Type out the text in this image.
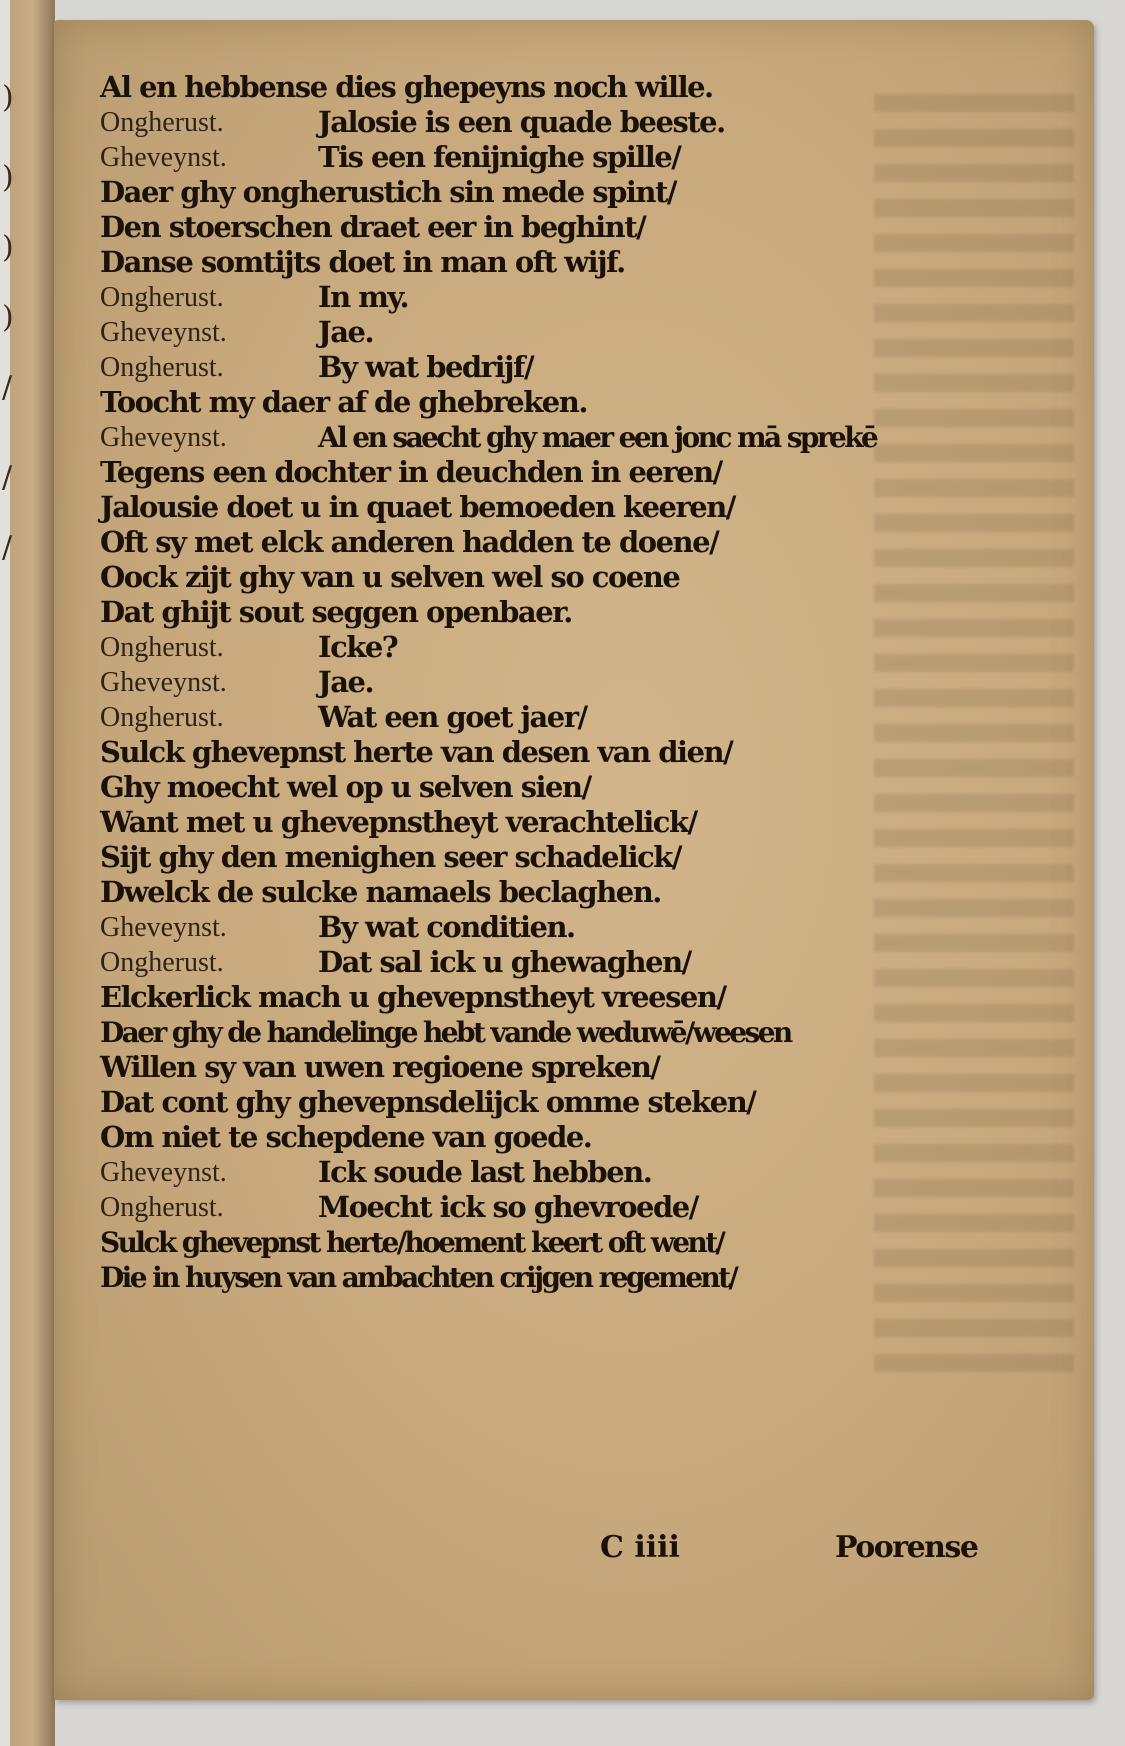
͏)
)
)
)
/
/
/
Al en hebbense dies ghepeyns noch wille.
Ongherust.	Jalosie is een quade beeste.
Gheveynst.	Tis een fenijnighe spille/
Daer ghy ongherustich sin mede spint/
Den stoerschen draet eer in beghint/
Danse somtijts doet in man oft wijf.
Ongherust.	In my.
Gheveynst.	Jae.
Ongherust.	By wat bedrijf/
Toocht my daer af de ghebreken.
Gheveynst.	Al en saecht ghy maer een jonc mā sprekē
Tegens een dochter in deuchden in eeren/
Jalousie doet u in quaet bemoeden keeren/
Oft sy met elck anderen hadden te doene/
Oock zijt ghy van u selven wel so coene
Dat ghijt sout seggen openbaer.
Ongherust.	Icke?
Gheveynst.	Jae.
Ongherust.	Wat een goet jaer/
Sulck ghevepnst herte van desen van dien/
Ghy moecht wel op u selven sien/
Want met u ghevepnstheyt verachtelick/
Sijt ghy den menighen seer schadelick/
Dwelck de sulcke namaels beclaghen.
Gheveynst.	By wat conditien.
Ongherust.	Dat sal ick u ghewaghen/
Elckerlick mach u ghevepnstheyt vreesen/
Daer ghy de handelinge hebt vande weduwē/weesen
Willen sy van uwen regioene spreken/
Dat cont ghy ghevepnsdelijck omme steken/
Om niet te schepdene van goede.
Gheveynst.	Ick soude last hebben.
Ongherust.	Moecht ick so ghevroede/
Sulck ghevepnst herte/hoement keert oft went/
Die in huysen van ambachten crijgen regement/
C iiii	Poorense
